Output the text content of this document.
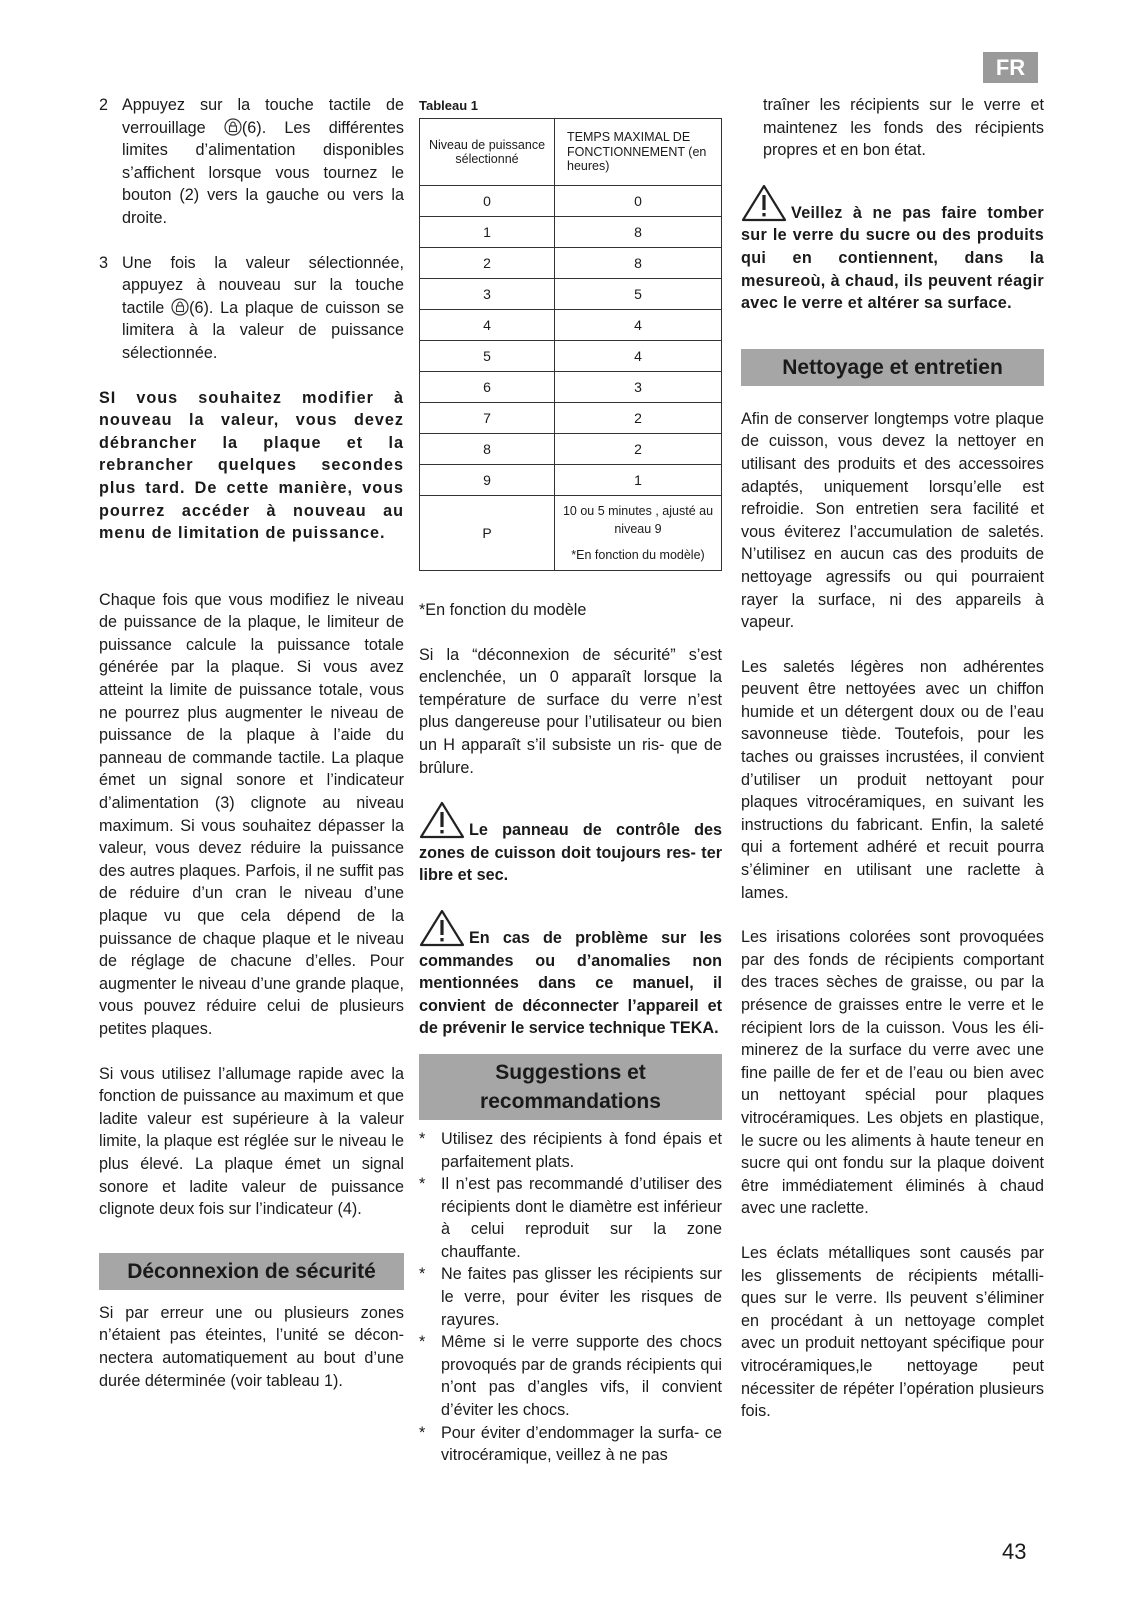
FR
2 Appuyez sur la touche tactile de verrouillage (6). Les différentes limites d’alimentation disponibles s’affichent lorsque vous tournez le bouton (2) vers la gauche ou vers la droite.

3 Une fois la valeur sélectionnée, appuyez à nouveau sur la touche tactile (6). La plaque de cuisson se limitera à la valeur de puissance sélectionnée.

SI vous souhaitez modifier à nouveau la valeur, vous devez débrancher la plaque et la rebrancher quelques secondes plus tard. De cette manière, vous pourrez accéder à nouveau au menu de limitation de puissance.

Chaque fois que vous modifiez le niveau de puissance de la plaque, le limiteur de puissance calcule la puissance totale générée par la plaque. Si vous avez atteint la limite de puissance totale, vous ne pourrez plus augmenter le niveau de puissance de la plaque à l’aide du panneau de commande tactile. La plaque émet un signal sonore et l’indicateur d’alimentation (3) clignote au niveau maximum. Si vous souhaitez dépasser la valeur, vous devez réduire la puissance des autres plaques. Parfois, il ne suffit pas de réduire d’un cran le niveau d’une plaque vu que cela dépend de la puissance de chaque plaque et le niveau de réglage de chacune d’elles. Pour augmenter le niveau d’une grande plaque, vous pouvez réduire celui de plusieurs petites plaques.

Si vous utilisez l’allumage rapide avec la fonction de puissance au maximum et que ladite valeur est supérieure à la valeur limite, la plaque est réglée sur le niveau le plus élevé. La plaque émet un signal sonore et ladite valeur de puissance clignote deux fois sur l’indicateur (4).

Déconnexion de sécurité

Si par erreur une ou plusieurs zones n’étaient pas éteintes, l’unité se décon- nectera automatiquement au bout d’une durée déterminée (voir tableau 1).

Tableau 1

Niveau de puissance sélectionné	TEMPS MAXIMAL DE FONCTIONNEMENT (en heures)
0	0
1	8
2	8
3	5
4	4
5	4
6	3
7	2
8	2
9	1
P	10 ou 5 minutes , ajusté au niveau 9
*En fonction du modèle)

*En fonction du modèle

Si la “déconnexion de sécurité” s’est enclenchée, un 0 apparaît lorsque la température de surface du verre n’est plus dangereuse pour l’utilisateur ou bien un H apparaît s’il subsiste un ris- que de brûlure.

Le panneau de contrôle des zones de cuisson doit toujours res- ter libre et sec.

En cas de problème sur les commandes ou d’anomalies non mentionnées dans ce manuel, il convient de déconnecter l’appareil et de prévenir le service technique TEKA.

Suggestions et recommandations
* Utilisez des récipients à fond épais et parfaitement plats.

* Il n’est pas recommandé d’utiliser des récipients dont le diamètre est inférieur à celui reproduit sur la zone chauffante.

* Ne faites pas glisser les récipients sur le verre, pour éviter les risques de rayures.

* Même si le verre supporte des chocs provoqués par de grands récipients qui n’ont pas d’angles vifs, il convient d’éviter les chocs.

* Pour éviter d’endommager la surfa- ce vitrocéramique, veillez à ne pas

traîner les récipients sur le verre et maintenez les fonds des récipients propres et en bon état.

Veillez à ne pas faire tomber sur le verre du sucre ou des produits qui en contiennent, dans la mesureoù, à chaud, ils peuvent réagir avec le verre et altérer sa surface.

Nettoyage et entretien

Afin de conserver longtemps votre plaque de cuisson, vous devez la nettoyer en utilisant des produits et des accessoires adaptés, uniquement lorsqu’elle est refroidie. Son entretien sera facilité et vous éviterez l’accumulation de saletés. N’utilisez en aucun cas des produits de nettoyage agressifs ou qui pourraient rayer la surface, ni des appareils à vapeur.

Les saletés légères non adhérentes peuvent être nettoyées avec un chiffon humide et un détergent doux ou de l’eau savonneuse tiède. Toutefois, pour les taches ou graisses incrustées, il convient d’utiliser un produit nettoyant pour plaques vitrocéramiques, en suivant les instructions du fabricant. Enfin, la saleté qui a fortement adhéré et recuit pourra s’éliminer en utilisant une raclette à lames.

Les irisations colorées sont provoquées par des fonds de récipients comportant des traces sèches de graisse, ou par la présence de graisses entre le verre et le récipient lors de la cuisson. Vous les éli- minerez de la surface du verre avec une fine paille de fer et de l’eau ou bien avec un nettoyant spécial pour plaques vitrocéramiques. Les objets en plastique, le sucre ou les aliments à haute teneur en sucre qui ont fondu sur la plaque doivent être immédiatement éliminés à chaud avec une raclette.

Les éclats métalliques sont causés par les glissements de récipients métalli- ques sur le verre. Ils peuvent s’éliminer en procédant à un nettoyage complet avec un produit nettoyant spécifique pour vitrocéramiques,le nettoyage peut nécessiter de répéter l’opération plusieurs fois.

43
